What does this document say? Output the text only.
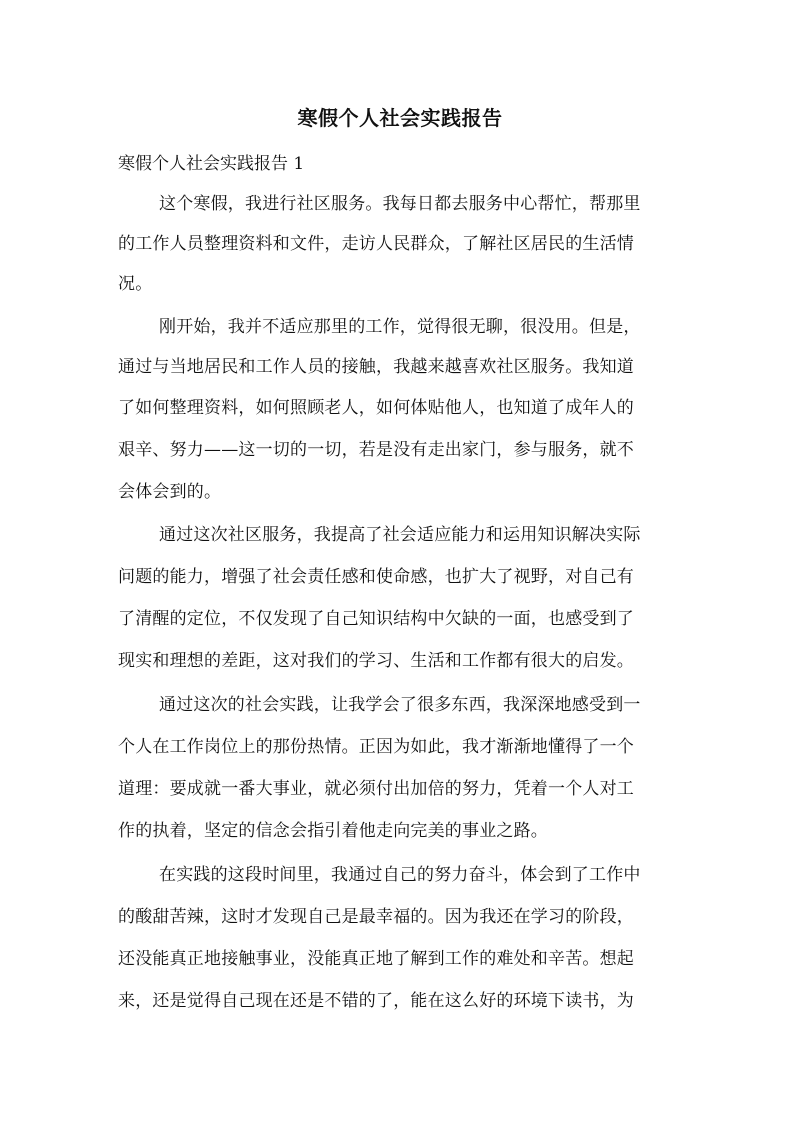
寒假个人社会实践报告
寒假个人社会实践报告 1
这个寒假，我进行社区服务。我每日都去服务中心帮忙，帮那里
的工作人员整理资料和文件，走访人民群众，了解社区居民的生活情
况。
刚开始，我并不适应那里的工作，觉得很无聊，很没用。但是，
通过与当地居民和工作人员的接触，我越来越喜欢社区服务。我知道
了如何整理资料，如何照顾老人，如何体贴他人，也知道了成年人的
艰辛、努力——这一切的一切，若是没有走出家门，参与服务，就不
会体会到的。
通过这次社区服务，我提高了社会适应能力和运用知识解决实际
问题的能力，增强了社会责任感和使命感，也扩大了视野，对自己有
了清醒的定位，不仅发现了自己知识结构中欠缺的一面，也感受到了
现实和理想的差距，这对我们的学习、生活和工作都有很大的启发。
通过这次的社会实践，让我学会了很多东西，我深深地感受到一
个人在工作岗位上的那份热情。正因为如此，我才渐渐地懂得了一个
道理：要成就一番大事业，就必须付出加倍的努力，凭着一个人对工
作的执着，坚定的信念会指引着他走向完美的事业之路。
在实践的这段时间里，我通过自己的努力奋斗，体会到了工作中
的酸甜苦辣，这时才发现自己是最幸福的。因为我还在学习的阶段，
还没能真正地接触事业，没能真正地了解到工作的难处和辛苦。想起
来，还是觉得自己现在还是不错的了，能在这么好的环境下读书，为
